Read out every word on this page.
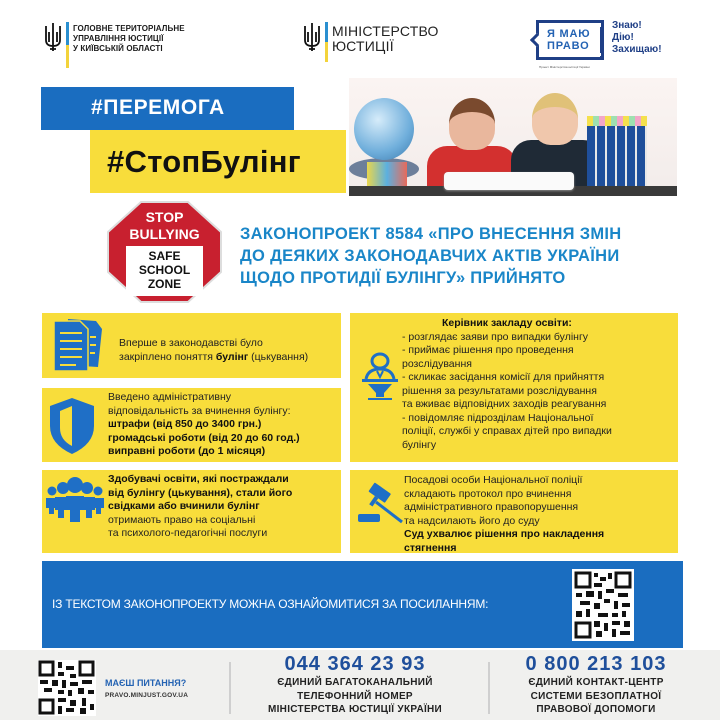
ГОЛОВНЕ ТЕРИТОРІАЛЬНЕ
УПРАВЛІННЯ ЮСТИЦІЇ
У КИЇВСЬКІЙ ОБЛАСТІ
МІНІСТЕРСТВО
ЮСТИЦІЇ
Я МАЮ
ПРАВО
Проект Міністерства юстиції України
Знаю!
Дію!
Захищаю!
#ПЕРЕМОГА
#СтопБулінг
STOP
BULLYING
SAFE
SCHOOL
ZONE
ЗАКОНОПРОЕКТ 8584 «ПРО ВНЕСЕННЯ ЗМІН
ДО ДЕЯКИХ ЗАКОНОДАВЧИХ АКТІВ УКРАЇНИ
ЩОДО ПРОТИДІЇ БУЛІНГУ» ПРИЙНЯТО
Вперше в законодавстві було
закріплено поняття булінг (цькування)
Введено адміністративну
відповідальність за вчинення булінгу:
штрафи (від 850 до 3400 грн.)
громадські роботи (від 20 до 60 год.)
виправні роботи (до 1 місяця)
Здобувачі освіти, які постраждали
від булінгу (цькування), стали його
свідками або вчинили булінг
отримають право на соціальні
та психолого-педагогічні послуги
Керівник закладу освіти:
- розглядає заяви про випадки булінгу
- приймає рішення про проведення
розслідування
- скликає засідання комісії для прийняття
рішення за результатами розслідування
та вживає відповідних заходів реагування
- повідомляє підрозділам Національної
поліції, службі у справах дітей про випадки
булінгу
Посадові особи Національної поліції
складають протокол про вчинення
адміністративного правопорушення
та надсилають його до суду
Суд ухвалює рішення про накладення
стягнення
ІЗ ТЕКСТОМ ЗАКОНОПРОЕКТУ МОЖНА ОЗНАЙОМИТИСЯ ЗА ПОСИЛАННЯМ:
МАЄШ ПИТАННЯ?
PRAVO.MINJUST.GOV.UA
044 364 23 93
ЄДИНИЙ БАГАТОКАНАЛЬНИЙ
ТЕЛЕФОННИЙ НОМЕР
МІНІСТЕРСТВА ЮСТИЦІЇ УКРАЇНИ
0 800 213 103
ЄДИНИЙ КОНТАКТ-ЦЕНТР
СИСТЕМИ БЕЗОПЛАТНОЇ
ПРАВОВОЇ ДОПОМОГИ
